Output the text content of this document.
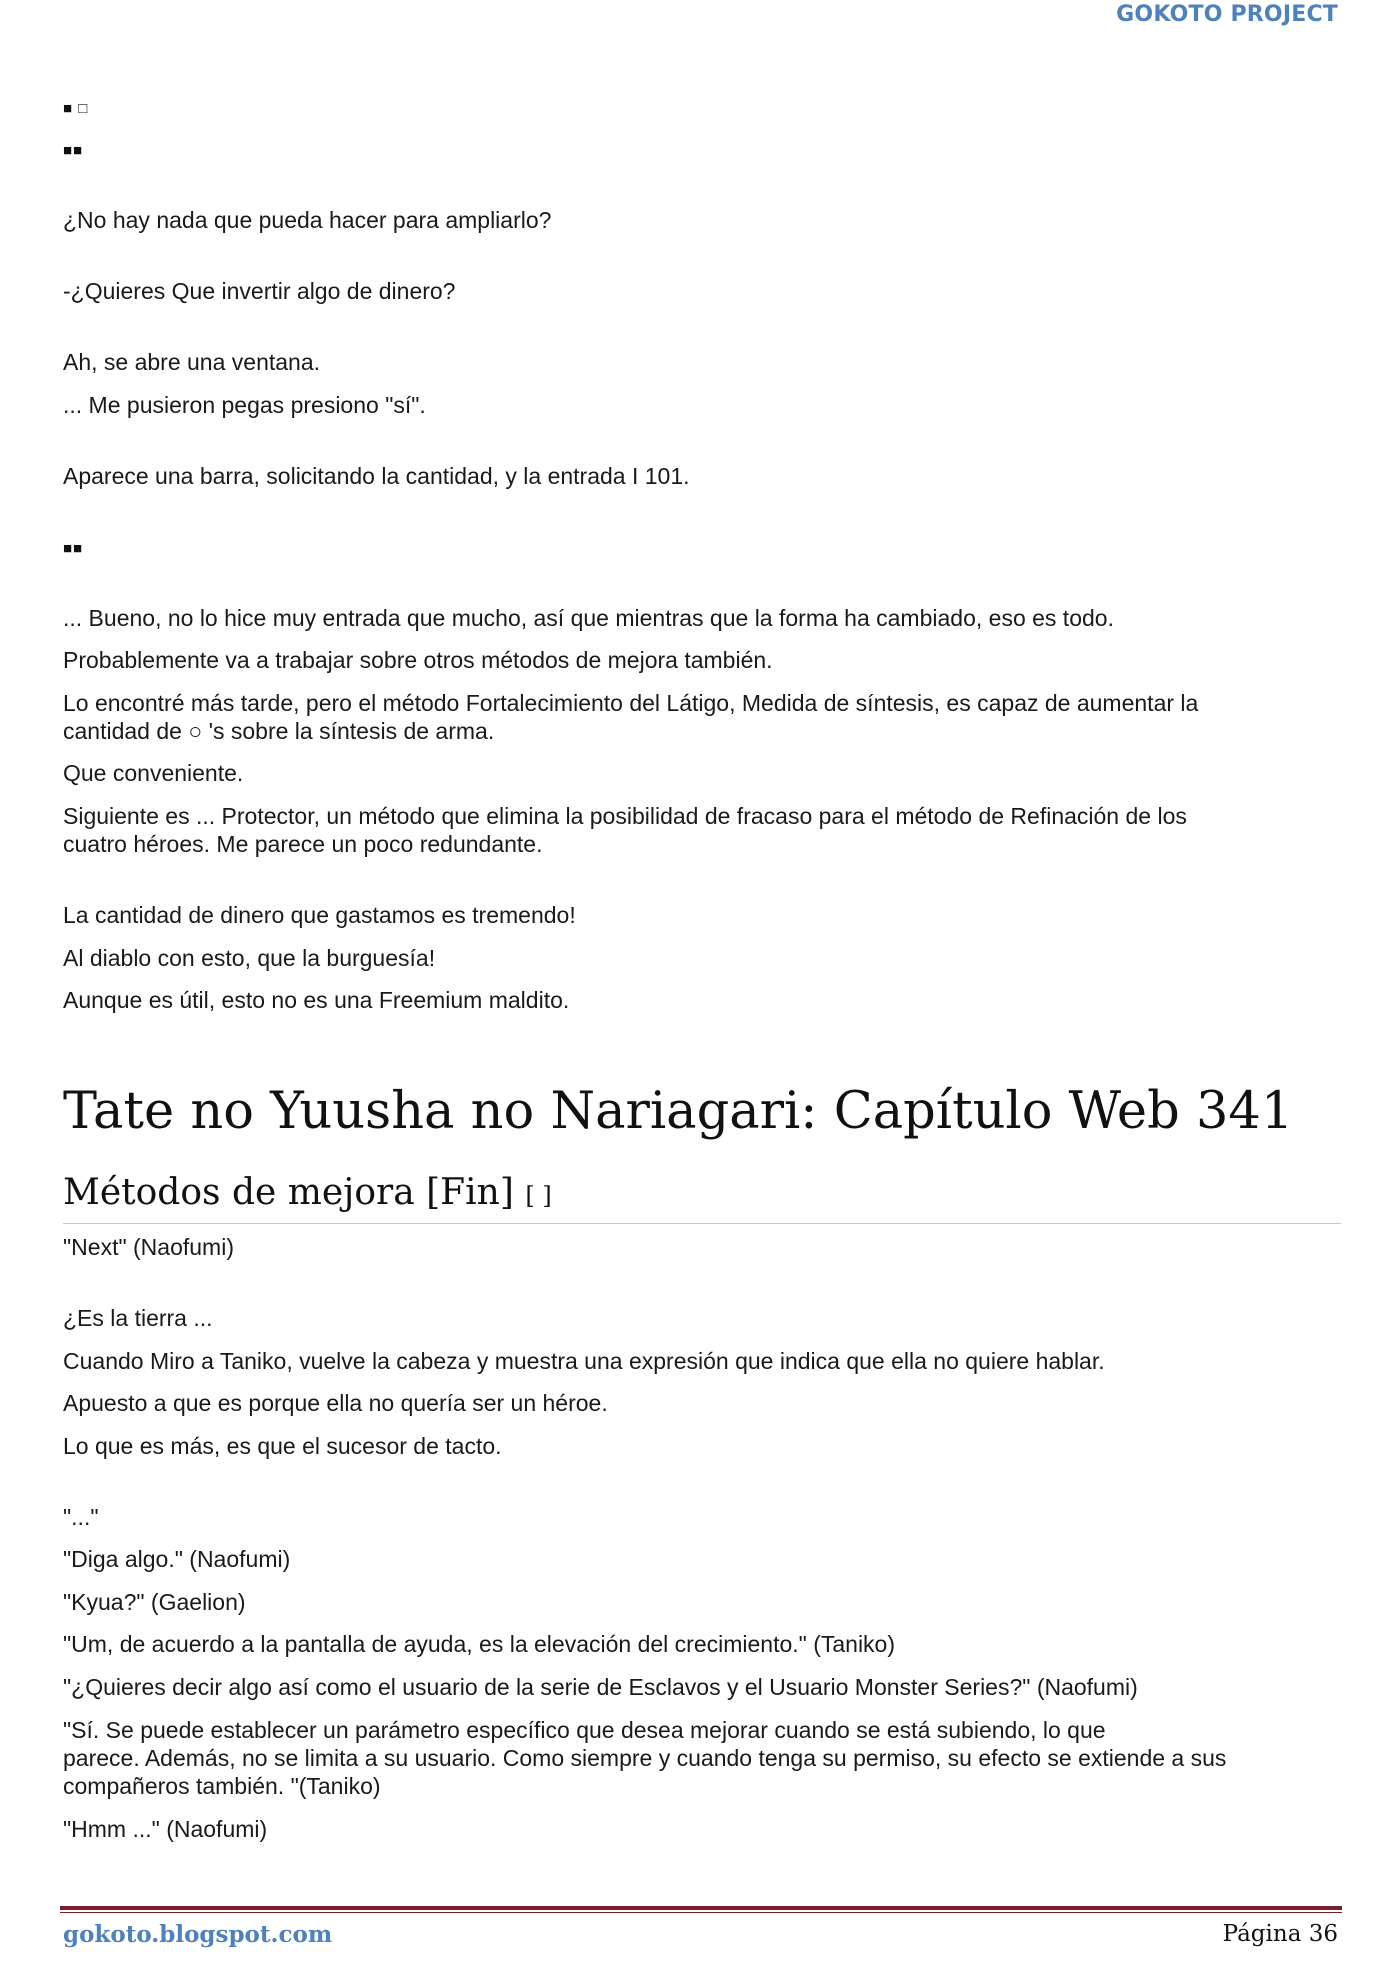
GOKOTO PROJECT

■ □

■■

¿No hay nada que pueda hacer para ampliarlo?

-¿Quieres Que invertir algo de dinero?

Ah, se abre una ventana.

... Me pusieron pegas presiono "sí".

Aparece una barra, solicitando la cantidad, y la entrada I 101.

■■

... Bueno, no lo hice muy entrada que mucho, así que mientras que la forma ha cambiado, eso es todo.

Probablemente va a trabajar sobre otros métodos de mejora también.

Lo encontré más tarde, pero el método Fortalecimiento del Látigo, Medida de síntesis, es capaz de aumentar la

cantidad de ○ 's sobre la síntesis de arma.

Que conveniente.

Siguiente es ... Protector, un método que elimina la posibilidad de fracaso para el método de Refinación de los

cuatro héroes. Me parece un poco redundante.

La cantidad de dinero que gastamos es tremendo!

Al diablo con esto, que la burguesía!

Aunque es útil, esto no es una Freemium maldito.

Tate no Yuusha no Nariagari: Capítulo Web 341
Métodos de mejora [Fin] [ ]

"Next" (Naofumi)

¿Es la tierra ...

Cuando Miro a Taniko, vuelve la cabeza y muestra una expresión que indica que ella no quiere hablar.

Apuesto a que es porque ella no quería ser un héroe.

Lo que es más, es que el sucesor de tacto.

"..."

"Diga algo." (Naofumi)

"Kyua?" (Gaelion)

"Um, de acuerdo a la pantalla de ayuda, es la elevación del crecimiento." (Taniko)

"¿Quieres decir algo así como el usuario de la serie de Esclavos y el Usuario Monster Series?" (Naofumi)

"Sí. Se puede establecer un parámetro específico que desea mejorar cuando se está subiendo, lo que

parece. Además, no se limita a su usuario. Como siempre y cuando tenga su permiso, su efecto se extiende a sus

compañeros también. "(Taniko)

"Hmm ..." (Naofumi)

gokoto.blogspot.com	Página 36
